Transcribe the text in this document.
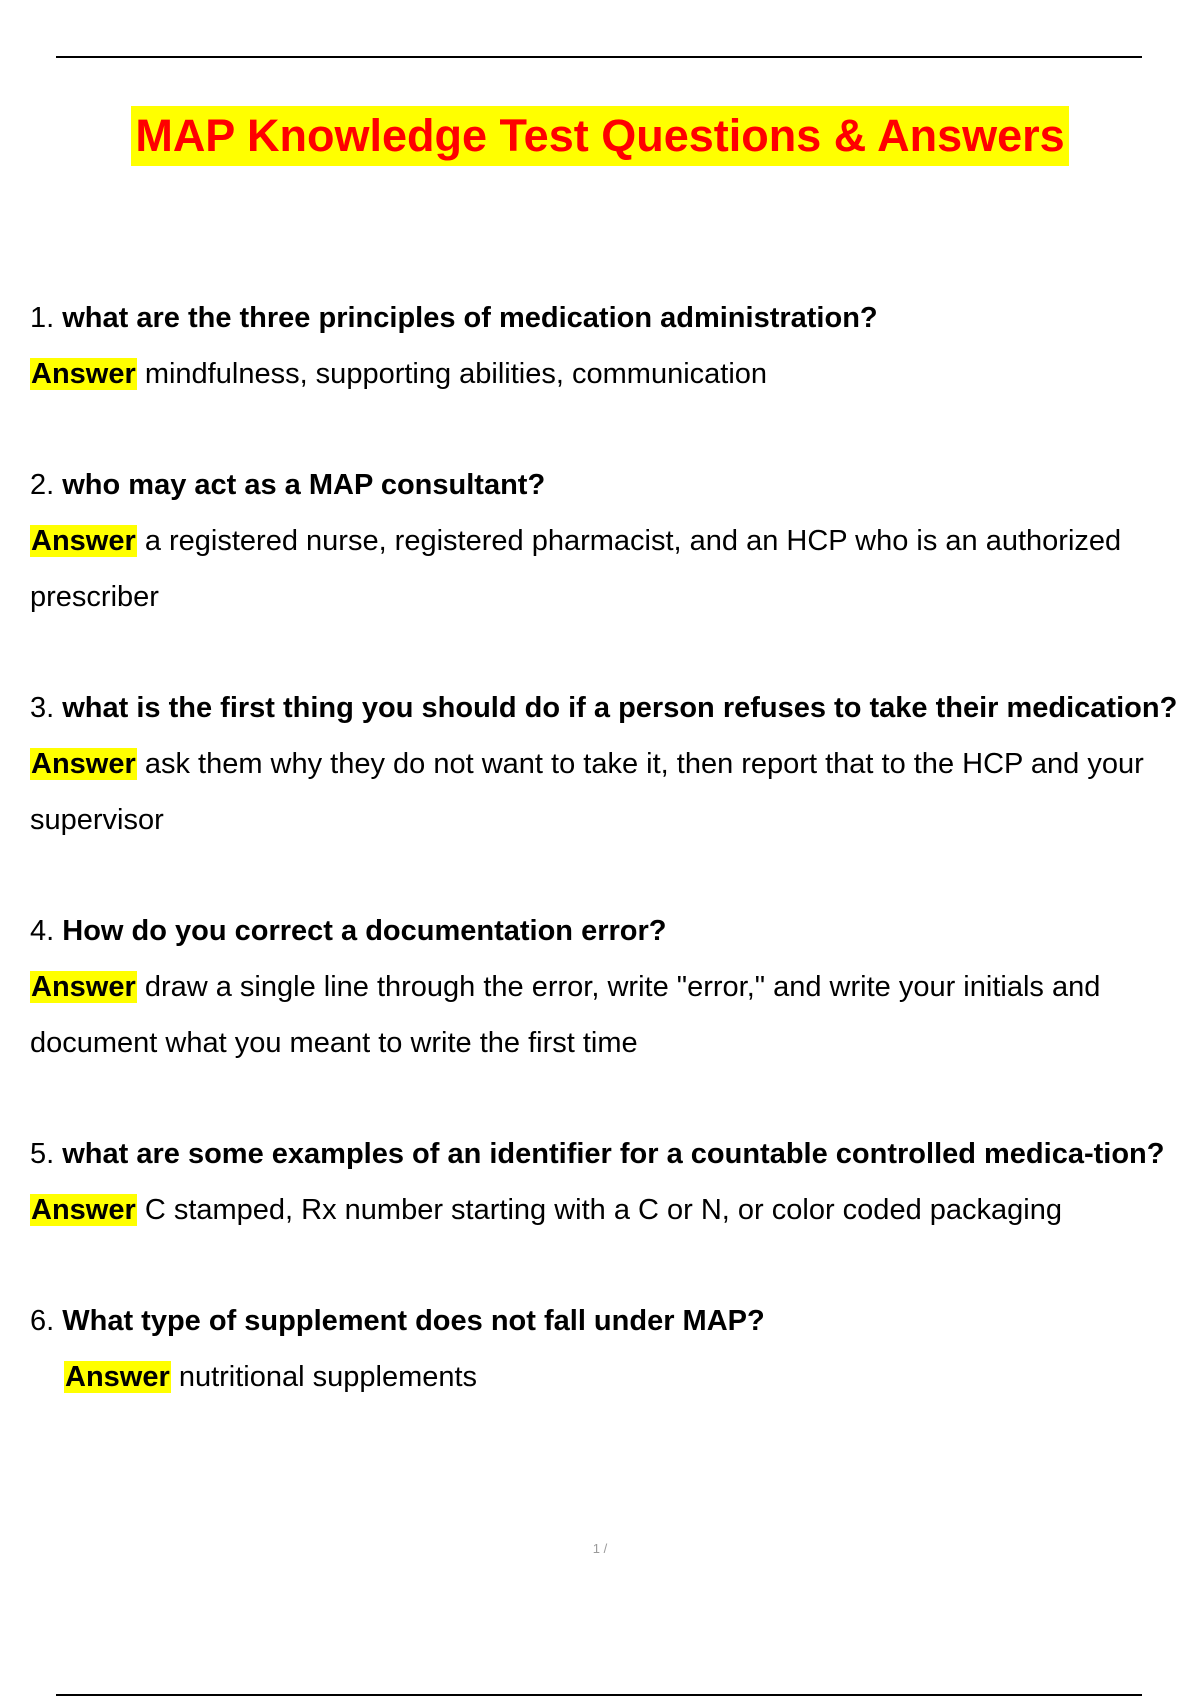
MAP Knowledge Test Questions & Answers
1. what are the three principles of medication administration?
Answer mindfulness, supporting abilities, communication
2. who may act as a MAP consultant?
Answer a registered nurse, registered pharmacist, and an HCP who is an authorized prescriber
3. what is the first thing you should do if a person refuses to take their medication?
Answer ask them why they do not want to take it, then report that to the HCP and your supervisor
4. How do you correct a documentation error?
Answer draw a single line through the error, write "error," and write your initials and document what you meant to write the first time
5. what are some examples of an identifier for a countable controlled medica-tion?
Answer C stamped, Rx number starting with a C or N, or color coded packaging
6. What type of supplement does not fall under MAP?
Answer nutritional supplements
1 /
